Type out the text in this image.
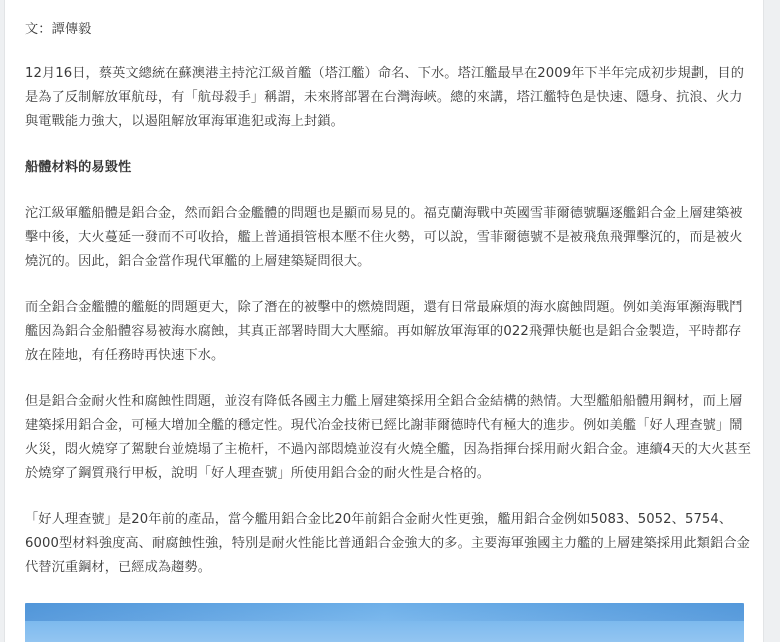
文：譚傳毅

12月16日，蔡英文總統在蘇澳港主持沱江級首艦（塔江艦）命名、下水。塔江艦最早在2009年下半年完成初步規劃，目的是為了反制解放軍航母，有「航母殺手」稱謂，未來將部署在台灣海峽。總的來講，塔江艦特色是快速、隱身、抗浪、火力與電戰能力強大，以遏阻解放軍海軍進犯或海上封鎖。

船體材料的易毀性

沱江級軍艦船體是鋁合金，然而鋁合金艦體的問題也是顯而易見的。福克蘭海戰中英國雪菲爾德號驅逐艦鋁合金上層建築被擊中後，大火蔓延一發而不可收拾，艦上普通損管根本壓不住火勢，可以說，雪菲爾德號不是被飛魚飛彈擊沉的，而是被火燒沉的。因此，鋁合金當作現代軍艦的上層建築疑問很大。

而全鋁合金艦體的艦艇的問題更大，除了潛在的被擊中的燃燒問題，還有日常最麻煩的海水腐蝕問題。例如美海軍瀕海戰鬥艦因為鋁合金船體容易被海水腐蝕，其真正部署時間大大壓縮。再如解放軍海軍的022飛彈快艇也是鋁合金製造，平時都存放在陸地，有任務時再快速下水。

但是鋁合金耐火性和腐蝕性問題，並沒有降低各國主力艦上層建築採用全鋁合金結構的熱情。大型艦船船體用鋼材，而上層建築採用鋁合金，可極大增加全艦的穩定性。現代冶金技術已經比謝菲爾德時代有極大的進步。例如美艦「好人理查號」鬧火災，悶火燒穿了駕駛台並燒塌了主桅杆，不過內部悶燒並沒有火燒全艦，因為指揮台採用耐火鋁合金。連續4天的大火甚至於燒穿了鋼質飛行甲板，說明「好人理查號」所使用鋁合金的耐火性是合格的。

「好人理查號」是20年前的產品，當今艦用鋁合金比20年前鋁合金耐火性更強，艦用鋁合金例如5083、5052、5754、6000型材料強度高、耐腐蝕性強，特別是耐火性能比普通鋁合金強大的多。主要海軍強國主力艦的上層建築採用此類鋁合金代替沉重鋼材，已經成為趨勢。
